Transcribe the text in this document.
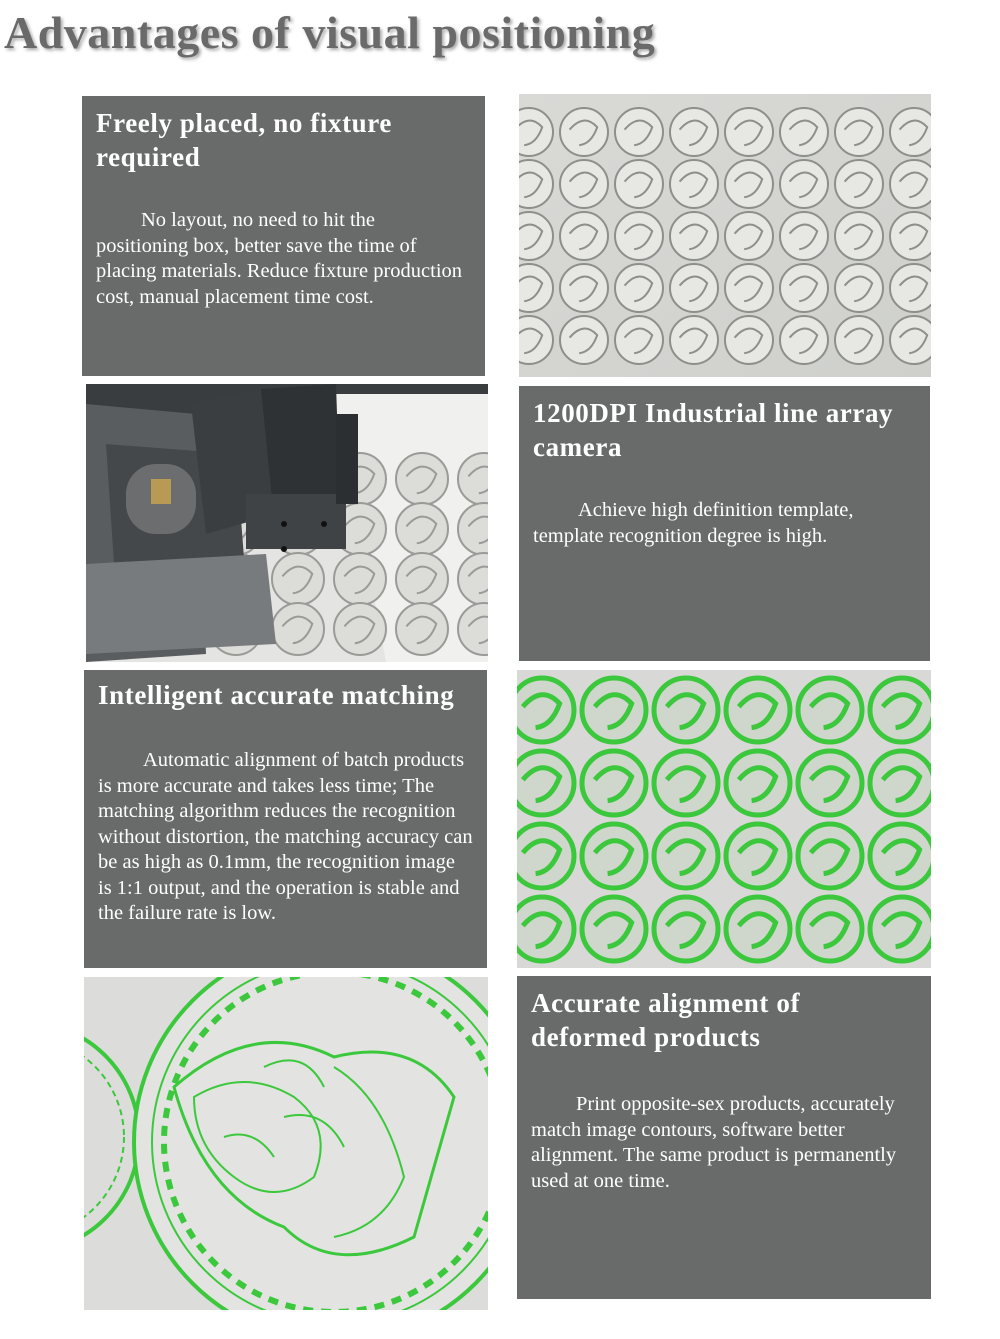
Advantages of visual positioning
Freely placed, no fixture required

No layout, no need to hit the positioning box, better save the time of placing materials. Reduce fixture production cost, manual placement time cost.

1200DPI Industrial line array camera

Achieve high definition template, template recognition degree is high.

Intelligent accurate matching

Automatic alignment of batch products is more accurate and takes less time; The matching algorithm reduces the recognition without distortion, the matching accuracy can be as high as 0.1mm, the recognition image is 1:1 output, and the operation is stable and the failure rate is low.

Accurate alignment of deformed products

Print opposite-sex products, accurately match image contours, software better alignment. The same product is permanently used at one time.
